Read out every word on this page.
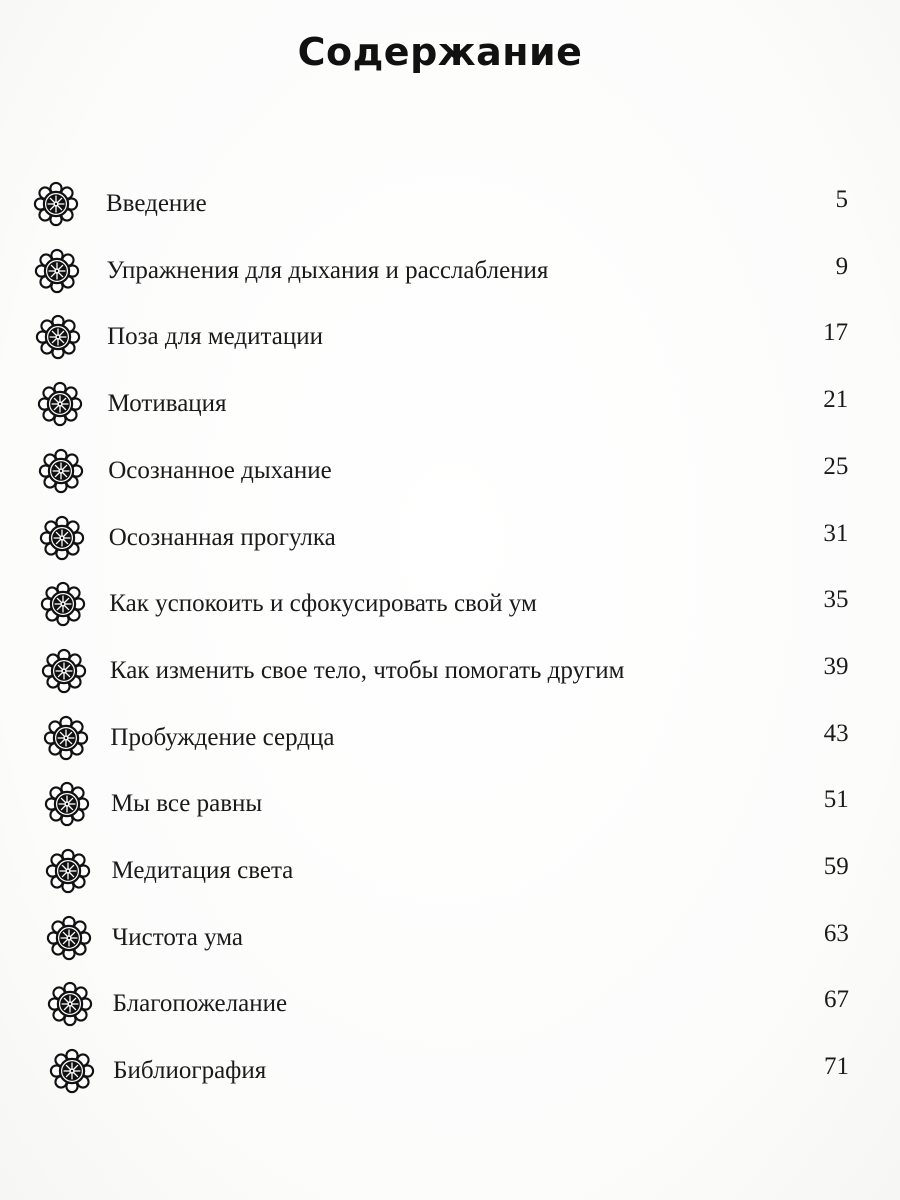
Содержание
Введение	5
Упражнения для дыхания и расслабления	9
Поза для медитации	17
Мотивация	21
Осознанное дыхание	25
Осознанная прогулка	31
Как успокоить и сфокусировать свой ум	35
Как изменить свое тело, чтобы помогать другим	39
Пробуждение сердца	43
Мы все равны	51
Медитация света	59
Чистота ума	63
Благопожелание	67
Библиография	71
